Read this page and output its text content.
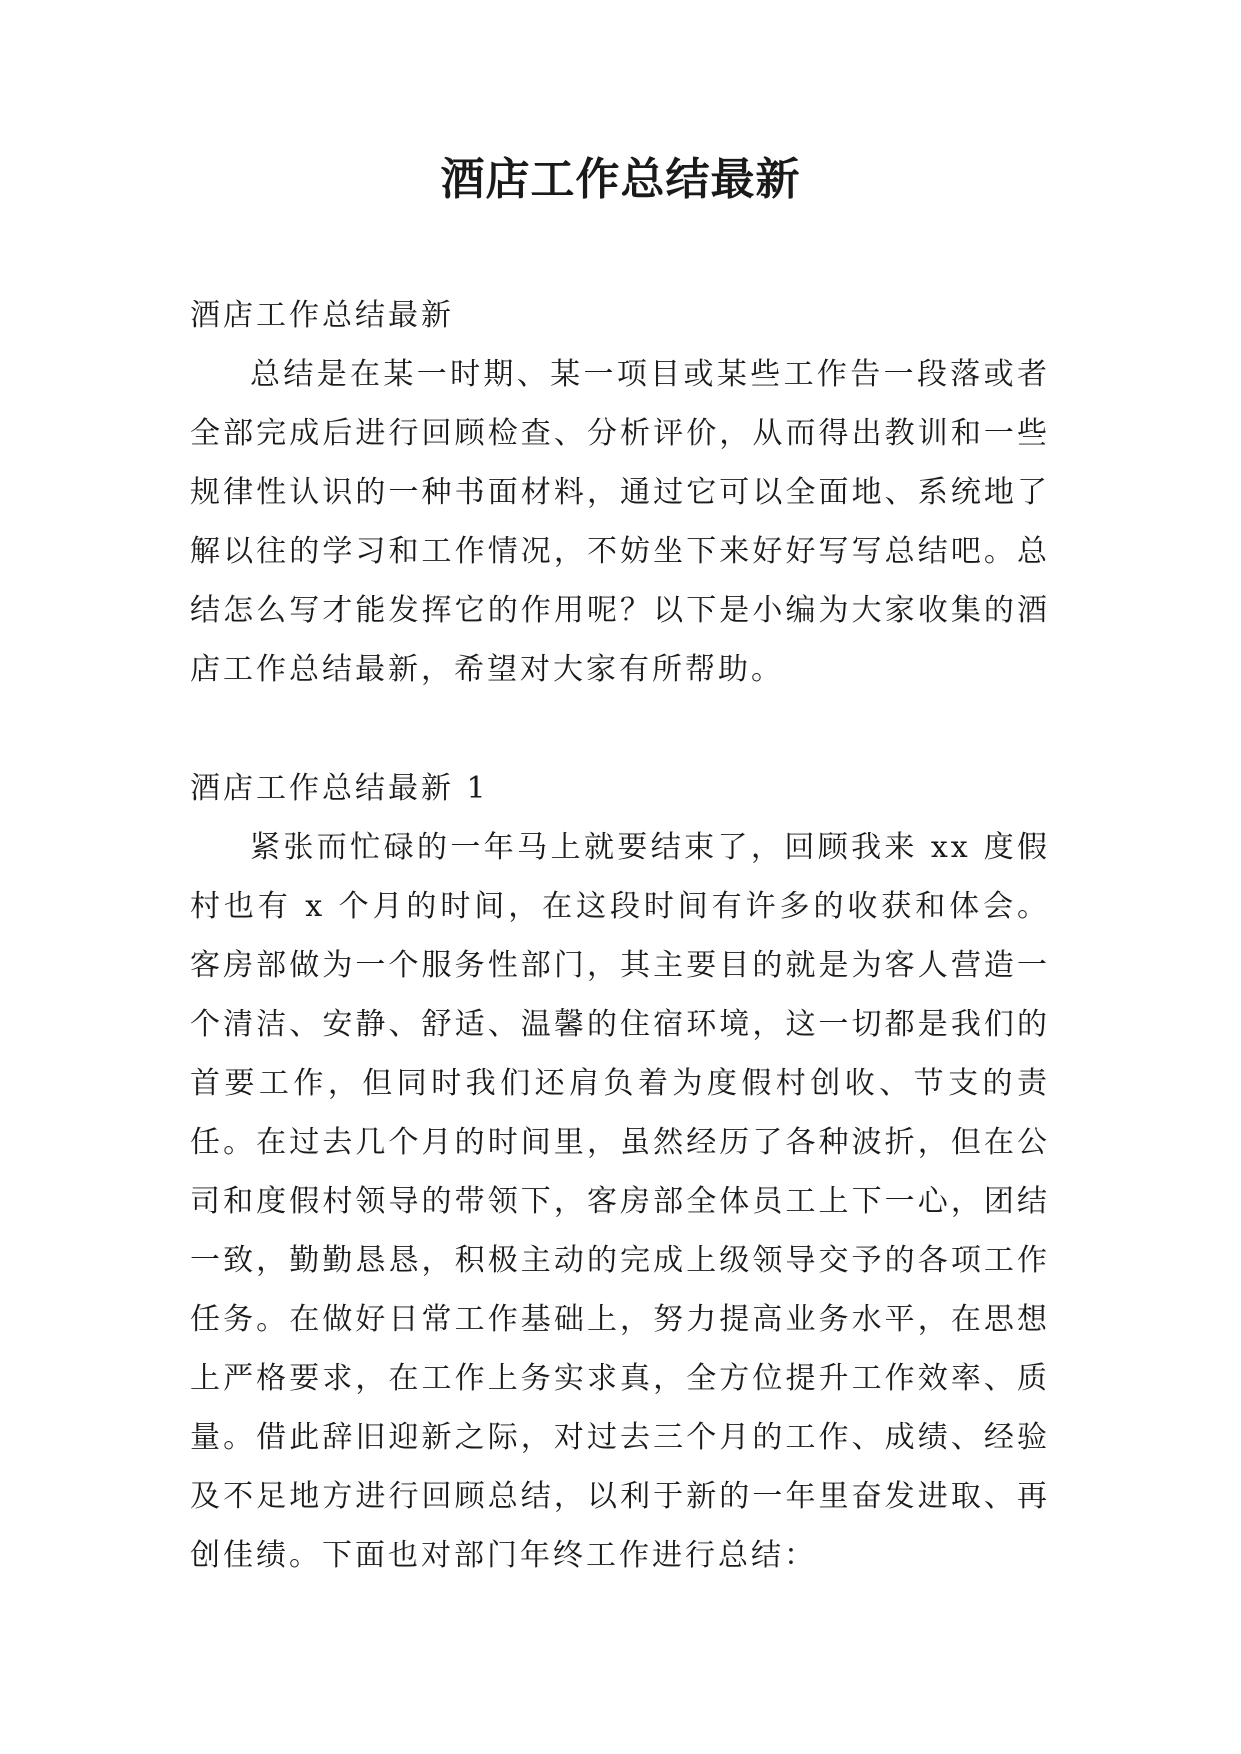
酒店工作总结最新
酒店工作总结最新

总结是在某一时期、某一项目或某些工作告一段落或者全部完成后进行回顾检查、分析评价，从而得出教训和一些规律性认识的一种书面材料，通过它可以全面地、系统地了解以往的学习和工作情况，不妨坐下来好好写写总结吧。总结怎么写才能发挥它的作用呢？以下是小编为大家收集的酒店工作总结最新，希望对大家有所帮助。

酒店工作总结最新 1

紧张而忙碌的一年马上就要结束了，回顾我来 xx 度假村也有 x 个月的时间，在这段时间有许多的收获和体会。客房部做为一个服务性部门，其主要目的就是为客人营造一个清洁、安静、舒适、温馨的住宿环境，这一切都是我们的首要工作，但同时我们还肩负着为度假村创收、节支的责任。在过去几个月的时间里，虽然经历了各种波折，但在公司和度假村领导的带领下，客房部全体员工上下一心，团结一致，勤勤恳恳，积极主动的完成上级领导交予的各项工作任务。在做好日常工作基础上，努力提高业务水平，在思想上严格要求，在工作上务实求真，全方位提升工作效率、质量。借此辞旧迎新之际，对过去三个月的工作、成绩、经验及不足地方进行回顾总结，以利于新的一年里奋发进取、再创佳绩。下面也对部门年终工作进行总结：
